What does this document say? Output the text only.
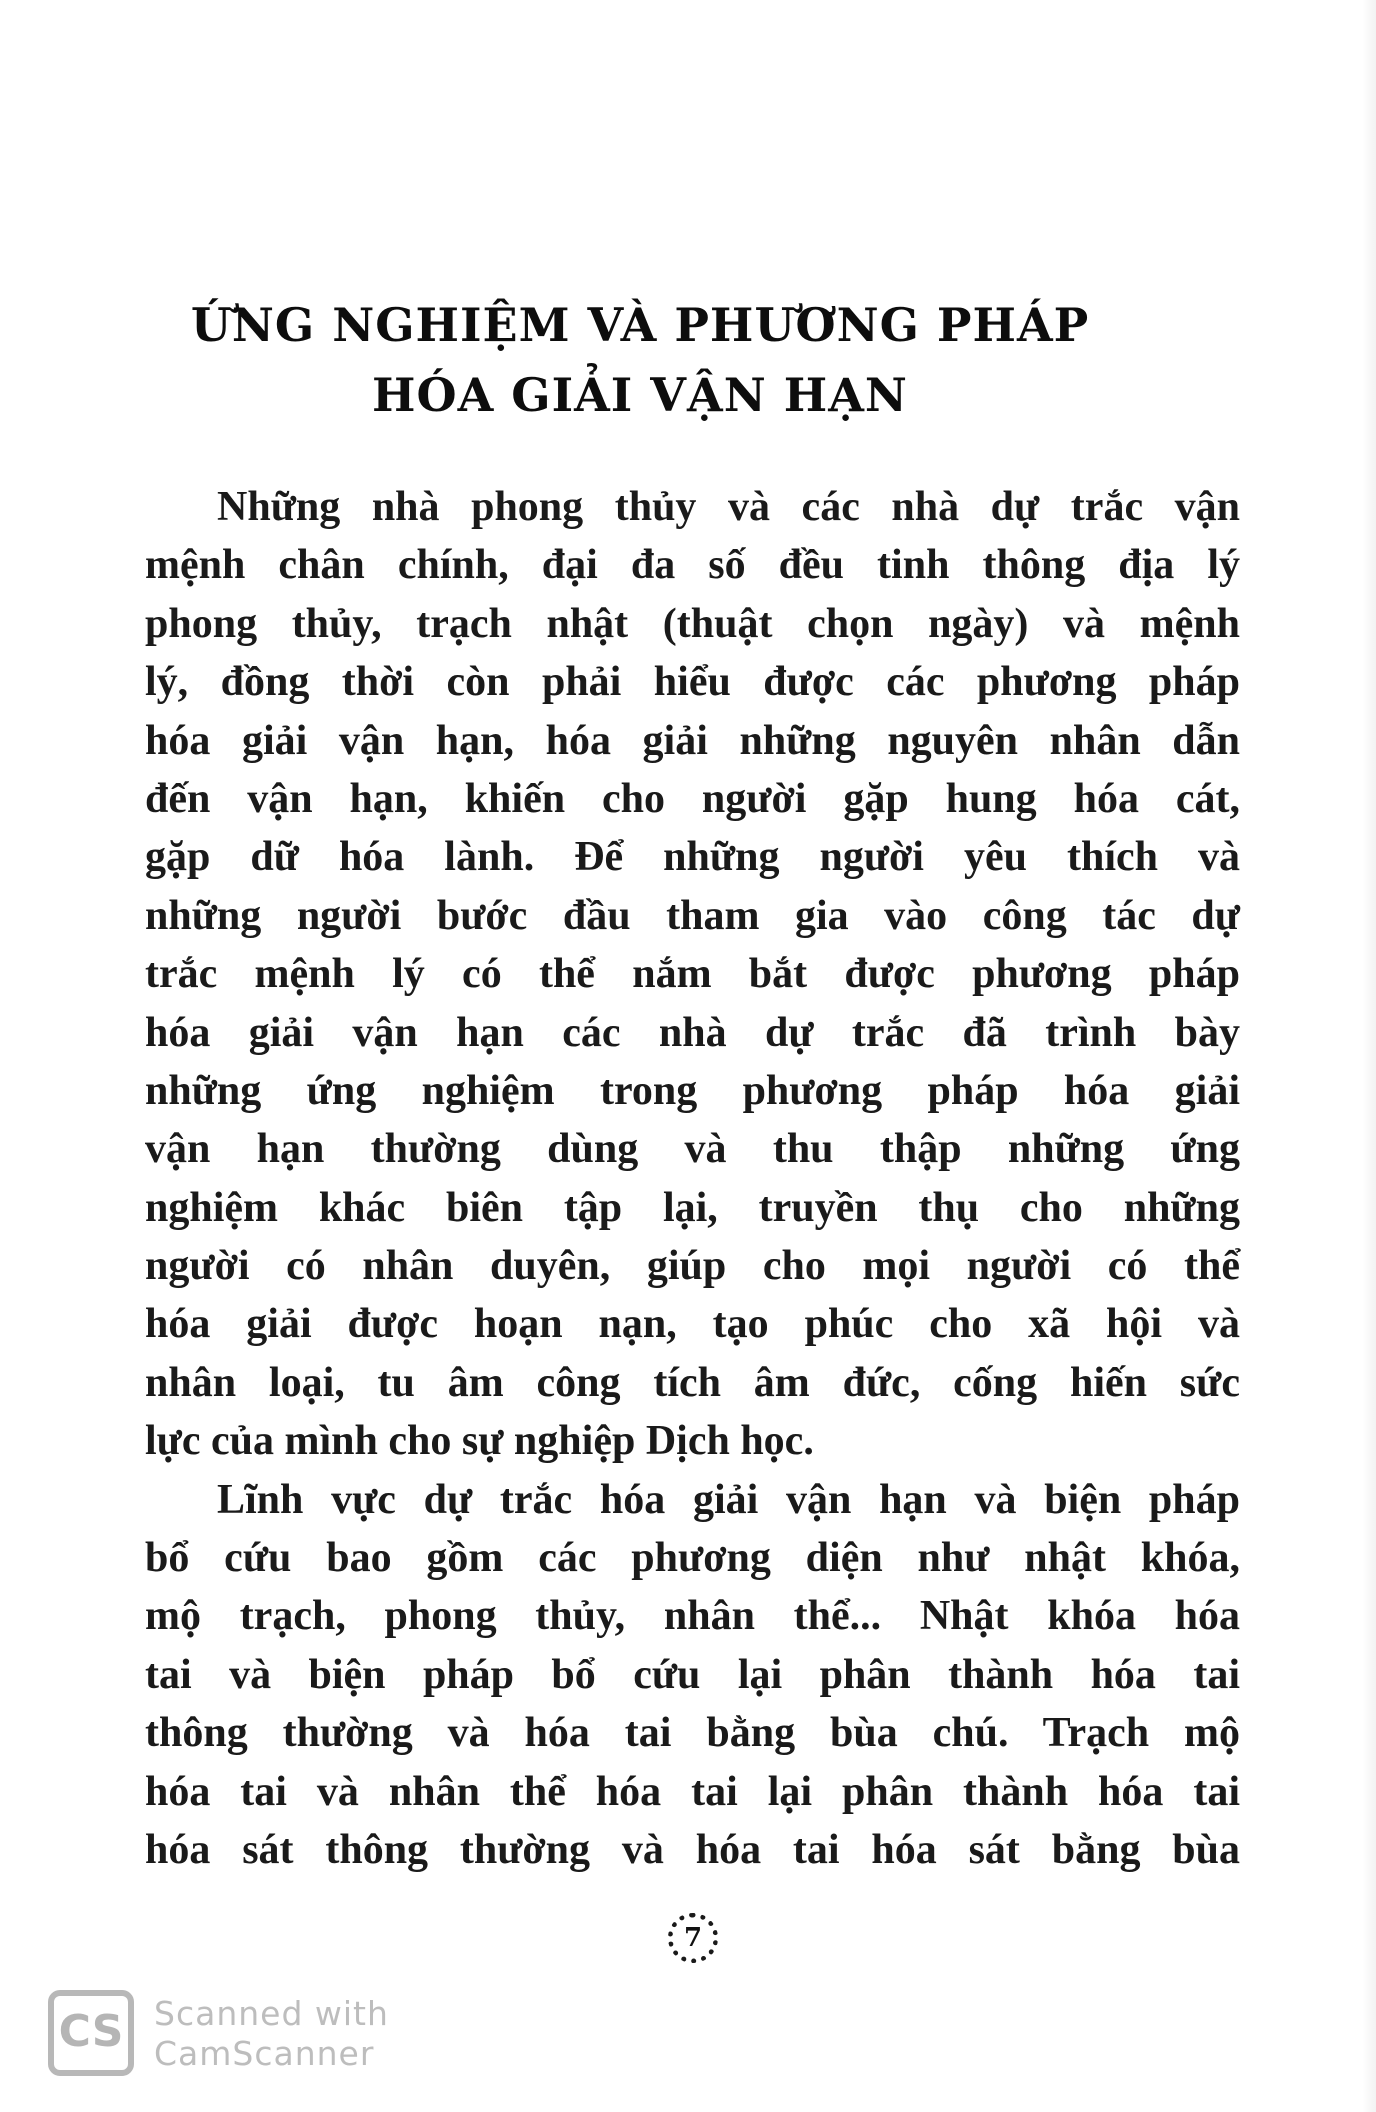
ỨNG NGHIỆM VÀ PHƯƠNG PHÁP
HÓA GIẢI VẬN HẠN
Những nhà phong thủy và các nhà dự trắc vận
mệnh chân chính, đại đa số đều tinh thông địa lý
phong thủy, trạch nhật (thuật chọn ngày) và mệnh
lý, đồng thời còn phải hiểu được các phương pháp
hóa giải vận hạn, hóa giải những nguyên nhân dẫn
đến vận hạn, khiến cho người gặp hung hóa cát,
gặp dữ hóa lành. Để những người yêu thích và
những người bước đầu tham gia vào công tác dự
trắc mệnh lý có thể nắm bắt được phương pháp
hóa giải vận hạn các nhà dự trắc đã trình bày
những ứng nghiệm trong phương pháp hóa giải
vận hạn thường dùng và thu thập những ứng
nghiệm khác biên tập lại, truyền thụ cho những
người có nhân duyên, giúp cho mọi người có thể
hóa giải được hoạn nạn, tạo phúc cho xã hội và
nhân loại, tu âm công tích âm đức, cống hiến sức
lực của mình cho sự nghiệp Dịch học.
Lĩnh vực dự trắc hóa giải vận hạn và biện pháp
bổ cứu bao gồm các phương diện như nhật khóa,
mộ trạch, phong thủy, nhân thể... Nhật khóa hóa
tai và biện pháp bổ cứu lại phân thành hóa tai
thông thường và hóa tai bằng bùa chú. Trạch mộ
hóa tai và nhân thể hóa tai lại phân thành hóa tai
hóa sát thông thường và hóa tai hóa sát bằng bùa
7
CS Scanned with
CamScanner
